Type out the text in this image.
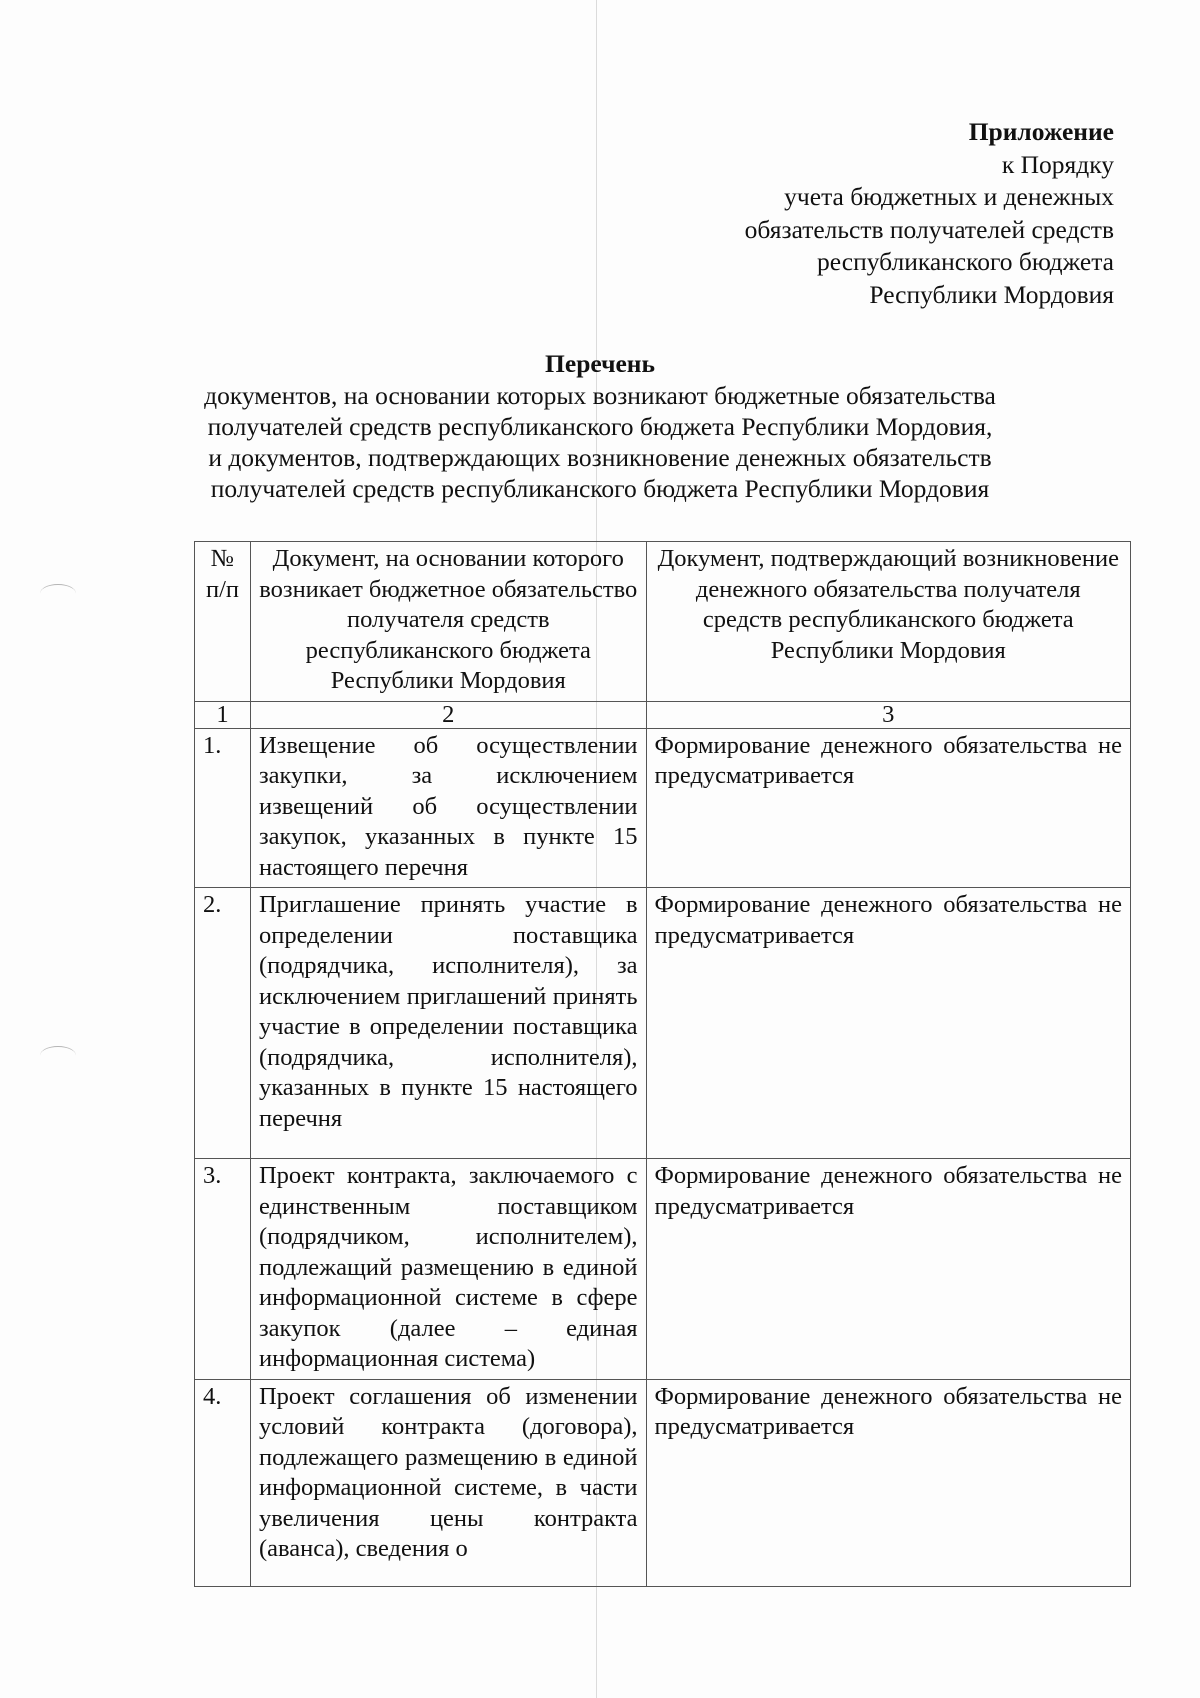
Приложение
к Порядку
учета бюджетных и денежных
обязательств получателей средств
республиканского бюджета
Республики Мордовия
Перечень
документов, на основании которых возникают бюджетные обязательства
получателей средств республиканского бюджета Республики Мордовия,
и документов, подтверждающих возникновение денежных обязательств
получателей средств республиканского бюджета Республики Мордовия
№ п/п	Документ, на основании которого возникает бюджетное обязательство получателя средств республиканского бюджета Республики Мордовия	Документ, подтверждающий возникновение денежного обязательства получателя средств республиканского бюджета Республики Мордовия
1	2	3
1.	Извещение об осуществлении закупки, за исключением извещений об осуществлении закупок, указанных в пункте 15 настоящего перечня	Формирование денежного обязательства не предусматривается
2.	Приглашение принять участие в определении поставщика (подрядчика, исполнителя), за исключением приглашений принять участие в определении поставщика (подрядчика, исполнителя), указанных в пункте 15 настоящего перечня	Формирование денежного обязательства не предусматривается
3.	Проект контракта, заключаемого с единственным поставщиком (подрядчиком, исполнителем), подлежащий размещению в единой информационной системе в сфере закупок (далее – единая информационная система)	Формирование денежного обязательства не предусматривается
4.	Проект соглашения об изменении условий контракта (договора), подлежащего размещению в единой информационной системе, в части увеличения цены контракта (аванса), сведения о	Формирование денежного обязательства не предусматривается
